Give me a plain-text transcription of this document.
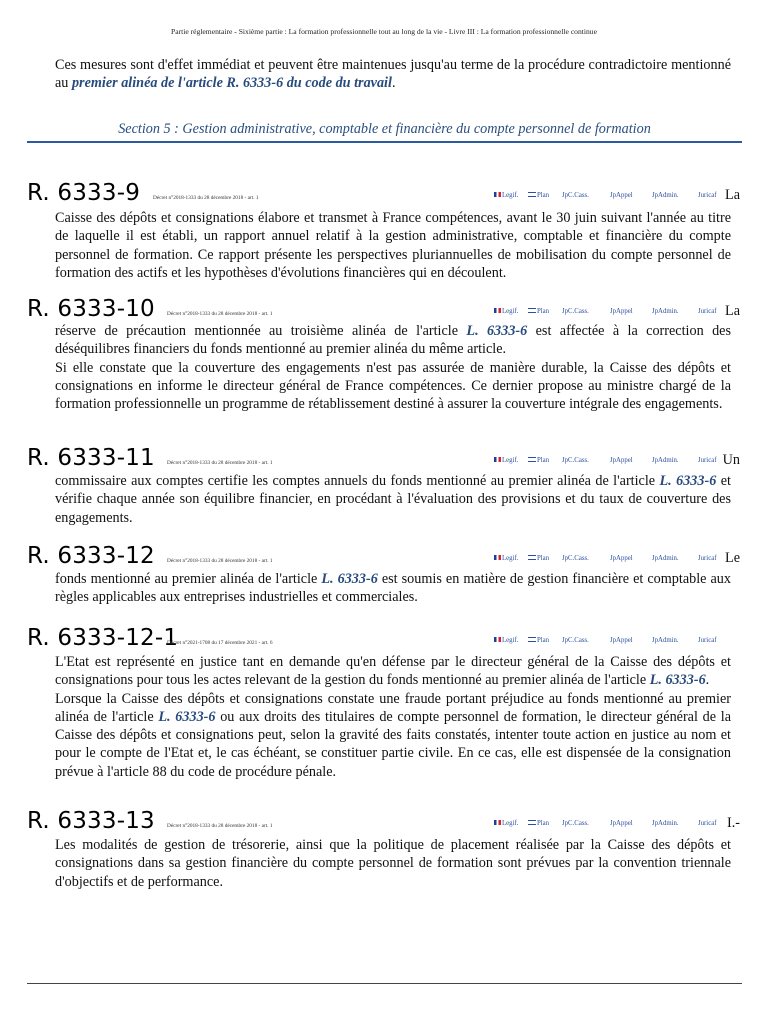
Partie réglementaire - Sixième partie : La formation professionnelle tout au long de la vie - Livre III : La formation professionnelle continue

Ces mesures sont d'effet immédiat et peuvent être maintenues jusqu'au terme de la procédure contradictoire mentionné au premier alinéa de l'article R. 6333-6 du code du travail.

Section 5 : Gestion administrative, comptable et financière du compte personnel de formation
R. 6333-9 Décret n°2018-1333 du 28 décembre 2018 - art. 1	Legif.	Plan JpC.Cass.	JpAppel	JpAdmin.	Juricaf La

Caisse des dépôts et consignations élabore et transmet à France compétences, avant le 30 juin suivant l'année au titre de laquelle il est établi, un rapport annuel relatif à la gestion administrative, comptable et financière du compte personnel de formation. Ce rapport présente les perspectives pluriannuelles de mobilisation du compte personnel de formation des actifs et les hypothèses d'évolutions financières qui en découlent.

R. 6333-10 Décret n°2018-1333 du 28 décembre 2018 - art. 1	Legif.	Plan JpC.Cass.	JpAppel	JpAdmin.	Juricaf La

réserve de précaution mentionnée au troisième alinéa de l'article L. 6333-6 est affectée à la correction des déséquilibres financiers du fonds mentionné au premier alinéa du même article.

Si elle constate que la couverture des engagements n'est pas assurée de manière durable, la Caisse des dépôts et consignations en informe le directeur général de France compétences. Ce dernier propose au ministre chargé de la formation professionnelle un programme de rétablissement destiné à assurer la couverture intégrale des engagements.

R. 6333-11 Décret n°2018-1333 du 28 décembre 2018 - art. 1	Legif.	Plan JpC.Cass.	JpAppel	JpAdmin.	Juricaf Un

commissaire aux comptes certifie les comptes annuels du fonds mentionné au premier alinéa de l'article L. 6333-6 et vérifie chaque année son équilibre financier, en procédant à l'évaluation des provisions et du taux de couverture des engagements.

R. 6333-12 Décret n°2018-1333 du 28 décembre 2018 - art. 1	Legif.	Plan JpC.Cass.	JpAppel	JpAdmin.	Juricaf Le

fonds mentionné au premier alinéa de l'article L. 6333-6 est soumis en matière de gestion financière et comptable aux règles applicables aux entreprises industrielles et commerciales.

R. 6333-12-1
Décret n°2021-1708 du 17 décembre 2021 - art. 6	Legif.	Plan JpC.Cass.	JpAppel	JpAdmin.	Juricaf

L'Etat est représenté en justice tant en demande qu'en défense par le directeur général de la Caisse des dépôts et consignations pour tous les actes relevant de la gestion du fonds mentionné au premier alinéa de l'article L. 6333-6.

Lorsque la Caisse des dépôts et consignations constate une fraude portant préjudice au fonds mentionné au premier alinéa de l'article L. 6333-6 ou aux droits des titulaires de compte personnel de formation, le directeur général de la Caisse des dépôts et consignations peut, selon la gravité des faits constatés, intenter toute action en justice au nom et pour le compte de l'Etat et, le cas échéant, se constituer partie civile. En ce cas, elle est dispensée de la consignation prévue à l'article 88 du code de procédure pénale.

R. 6333-13 Décret n°2018-1333 du 28 décembre 2018 - art. 1	Legif.	Plan JpC.Cass.	JpAppel	JpAdmin.	Juricaf I.-

Les modalités de gestion de trésorerie, ainsi que la politique de placement réalisée par la Caisse des dépôts et consignations dans sa gestion financière du compte personnel de formation sont prévues par la convention triennale d'objectifs et de performance.
